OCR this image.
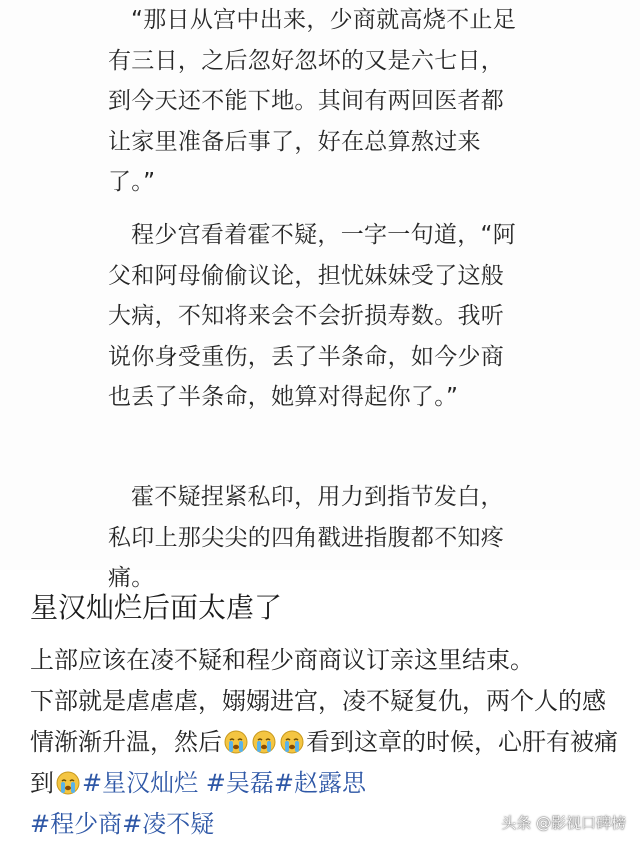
“那日从宫中出来，少商就高烧不止足有三日，之后忽好忽坏的又是六七日，到今天还不能下地。其间有两回医者都让家里准备后事了，好在总算熬过来了。”

程少宫看着霍不疑，一字一句道，“阿父和阿母偷偷议论，担忧妹妹受了这般大病，不知将来会不会折损寿数。我听说你身受重伤，丢了半条命，如今少商也丢了半条命，她算对得起你了。”

霍不疑捏紧私印，用力到指节发白，私印上那尖尖的四角戳进指腹都不知疼痛。

星汉灿烂后面太虐了

上部应该在凌不疑和程少商商议订亲这里结束。
下部就是虐虐虐，嫋嫋进宫，凌不疑复仇，两个人的感情渐渐升温，然后	看到这章的时候，心肝有被痛到 #星汉灿烂 #吴磊#赵露思
#程少商#凌不疑	头条 @影视口碑榜
